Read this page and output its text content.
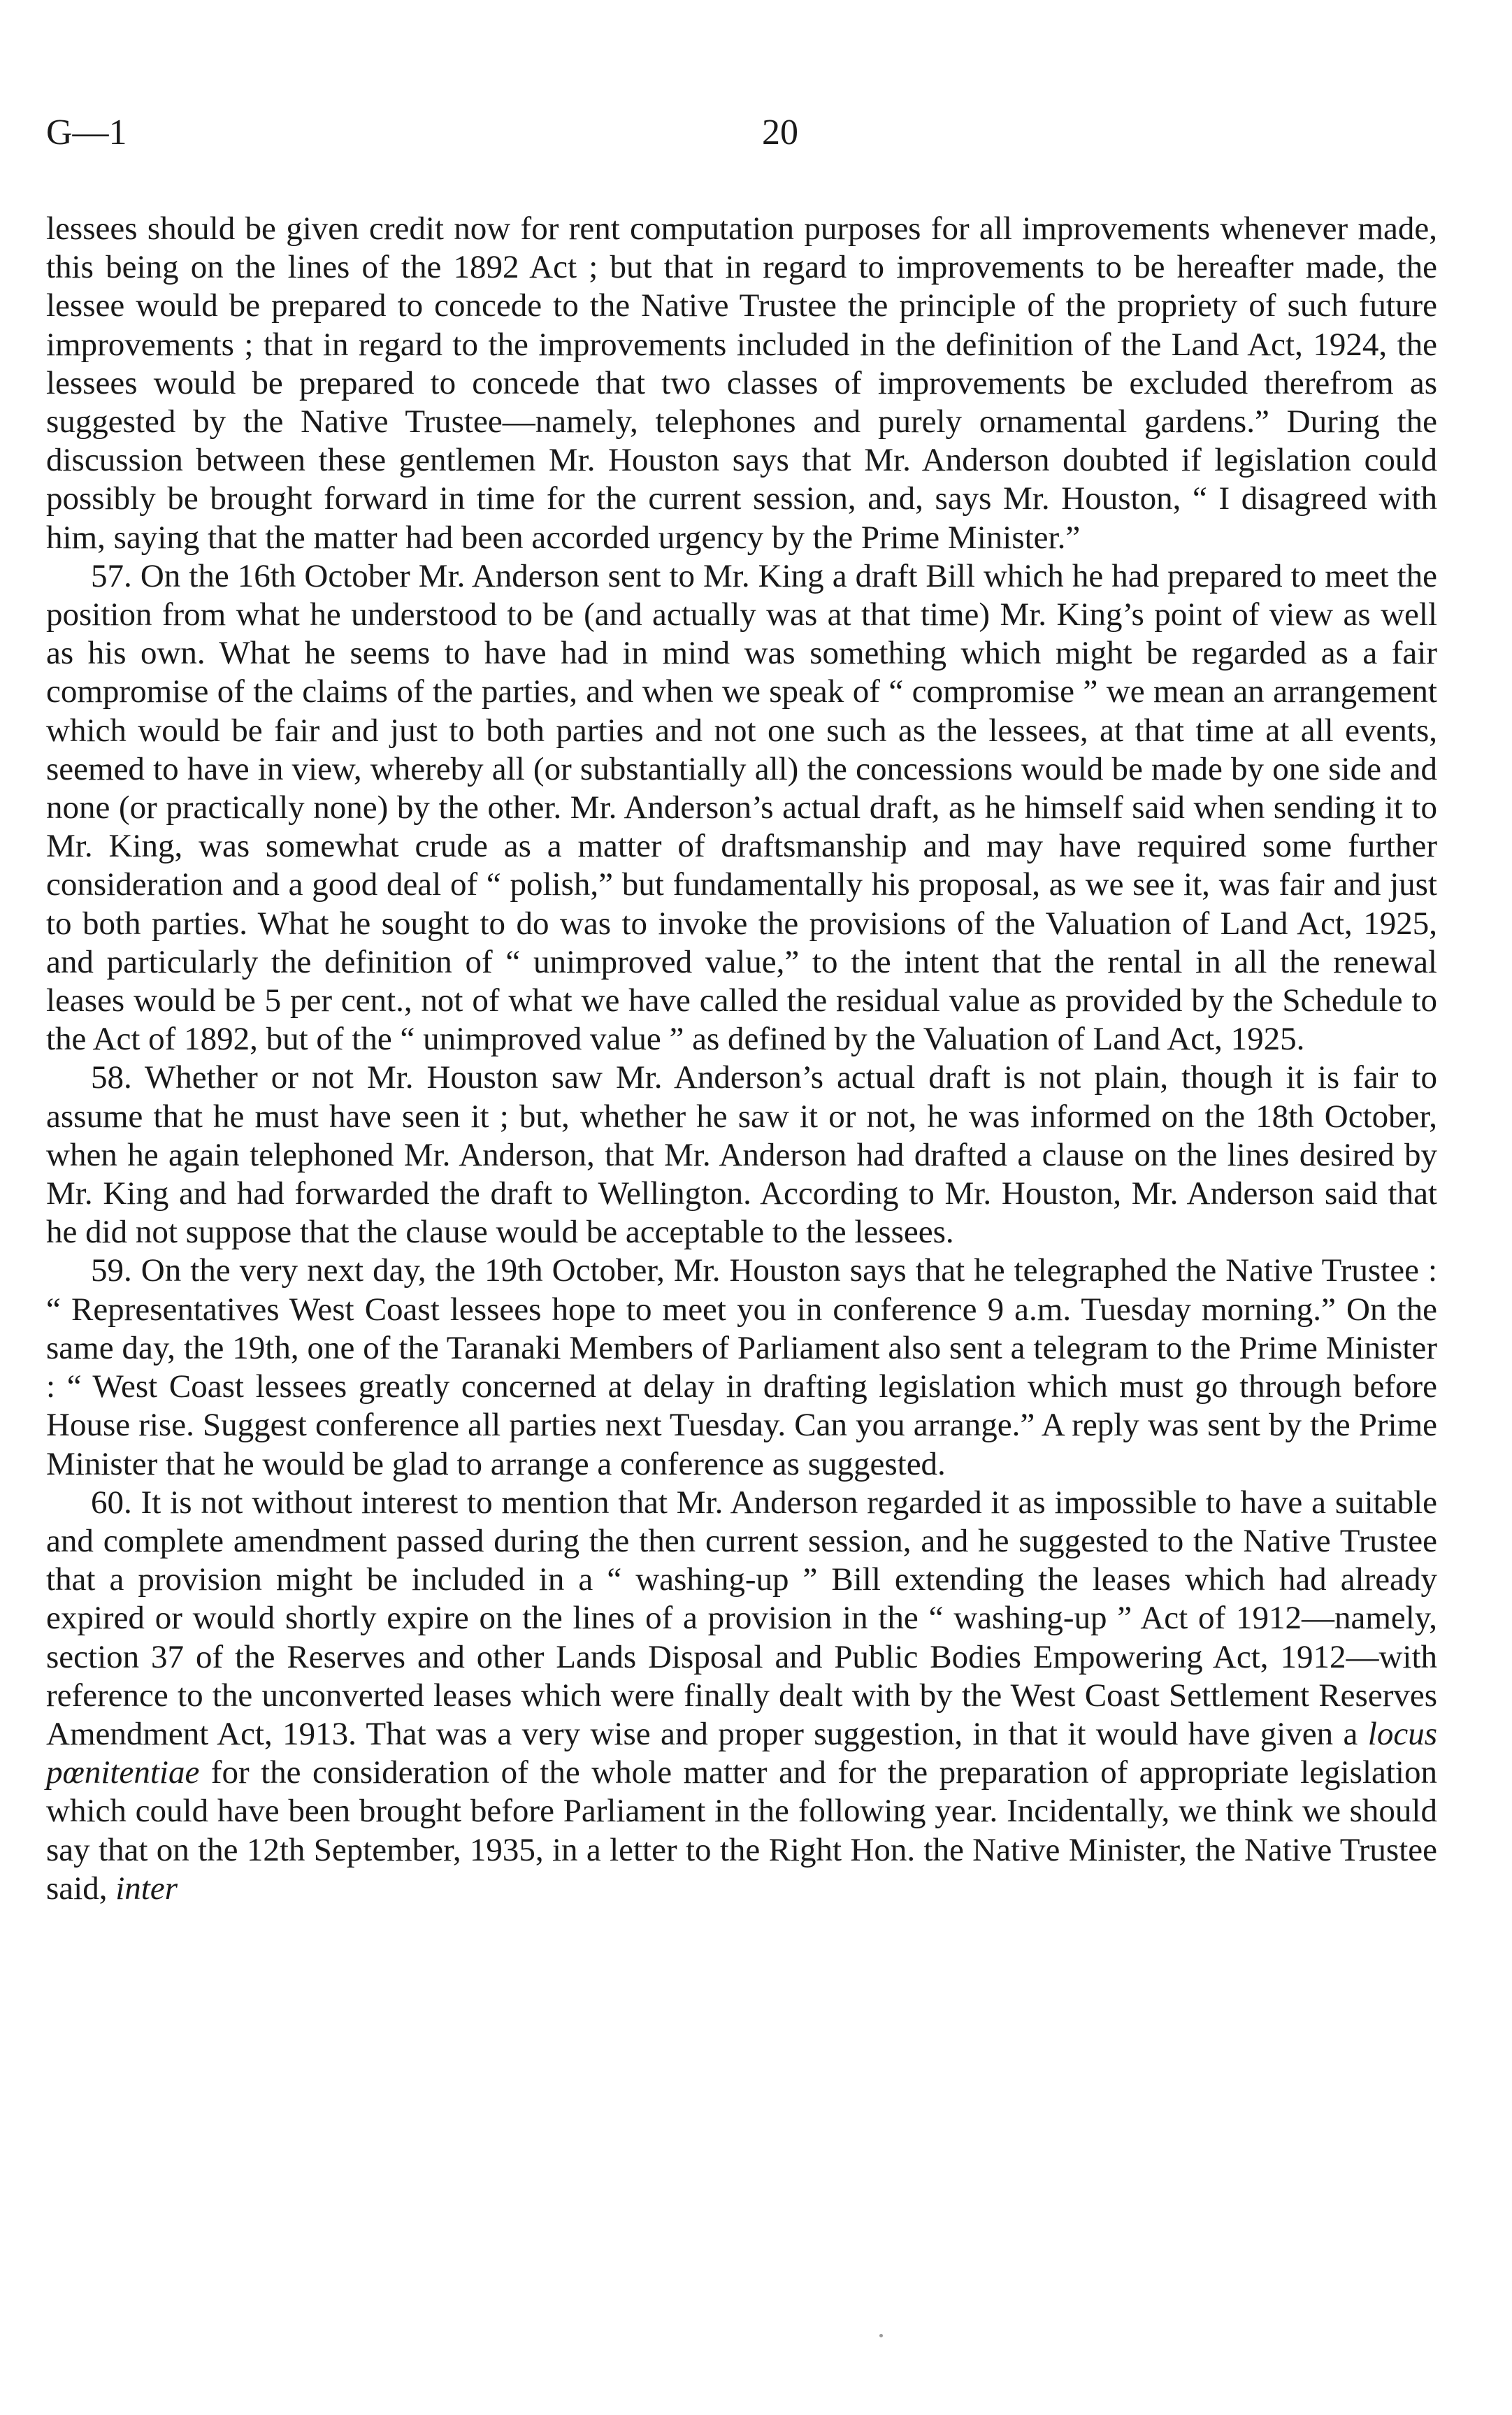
G—1	20

lessees should be given credit now for rent computation purposes for all improvements whenever made, this being on the lines of the 1892 Act ; but that in regard to improvements to be hereafter made, the lessee would be prepared to concede to the Native Trustee the principle of the propriety of such future improvements ; that in regard to the improvements included in the definition of the Land Act, 1924, the lessees would be prepared to concede that two classes of improvements be excluded therefrom as suggested by the Native Trustee—namely, telephones and purely ornamental gardens.” During the discussion between these gentlemen Mr. Houston says that Mr. Anderson doubted if legislation could possibly be brought forward in time for the current session, and, says Mr. Houston, “ I disagreed with him, saying that the matter had been accorded urgency by the Prime Minister.”

57. On the 16th October Mr. Anderson sent to Mr. King a draft Bill which he had prepared to meet the position from what he understood to be (and actually was at that time) Mr. King’s point of view as well as his own. What he seems to have had in mind was something which might be regarded as a fair compromise of the claims of the parties, and when we speak of “ compromise ” we mean an arrangement which would be fair and just to both parties and not one such as the lessees, at that time at all events, seemed to have in view, whereby all (or substantially all) the concessions would be made by one side and none (or practically none) by the other. Mr. Anderson’s actual draft, as he himself said when sending it to Mr. King, was somewhat crude as a matter of draftsmanship and may have required some further consideration and a good deal of “ polish,” but fundamentally his proposal, as we see it, was fair and just to both parties. What he sought to do was to invoke the provisions of the Valuation of Land Act, 1925, and particularly the definition of “ unimproved value,” to the intent that the rental in all the renewal leases would be 5 per cent., not of what we have called the residual value as provided by the Schedule to the Act of 1892, but of the “ unimproved value ” as defined by the Valuation of Land Act, 1925.

58. Whether or not Mr. Houston saw Mr. Anderson’s actual draft is not plain, though it is fair to assume that he must have seen it ; but, whether he saw it or not, he was informed on the 18th October, when he again telephoned Mr. Anderson, that Mr. Anderson had drafted a clause on the lines desired by Mr. King and had forwarded the draft to Wellington. According to Mr. Houston, Mr. Anderson said that he did not suppose that the clause would be acceptable to the lessees.

59. On the very next day, the 19th October, Mr. Houston says that he telegraphed the Native Trustee : “ Representatives West Coast lessees hope to meet you in conference 9 a.m. Tuesday morning.” On the same day, the 19th, one of the Taranaki Members of Parliament also sent a telegram to the Prime Minister : “ West Coast lessees greatly concerned at delay in drafting legislation which must go through before House rise. Suggest conference all parties next Tuesday. Can you arrange.” A reply was sent by the Prime Minister that he would be glad to arrange a conference as suggested.

60. It is not without interest to mention that Mr. Anderson regarded it as impossible to have a suitable and complete amendment passed during the then current session, and he suggested to the Native Trustee that a provision might be included in a “ washing-up ” Bill extending the leases which had already expired or would shortly expire on the lines of a provision in the “ washing-up ” Act of 1912—namely, section 37 of the Reserves and other Lands Disposal and Public Bodies Empowering Act, 1912—with reference to the unconverted leases which were finally dealt with by the West Coast Settlement Reserves Amendment Act, 1913. That was a very wise and proper suggestion, in that it would have given a locus pœnitentiae for the consideration of the whole matter and for the preparation of appropriate legislation which could have been brought before Parliament in the following year. Incidentally, we think we should say that on the 12th September, 1935, in a letter to the Right Hon. the Native Minister, the Native Trustee said, inter
